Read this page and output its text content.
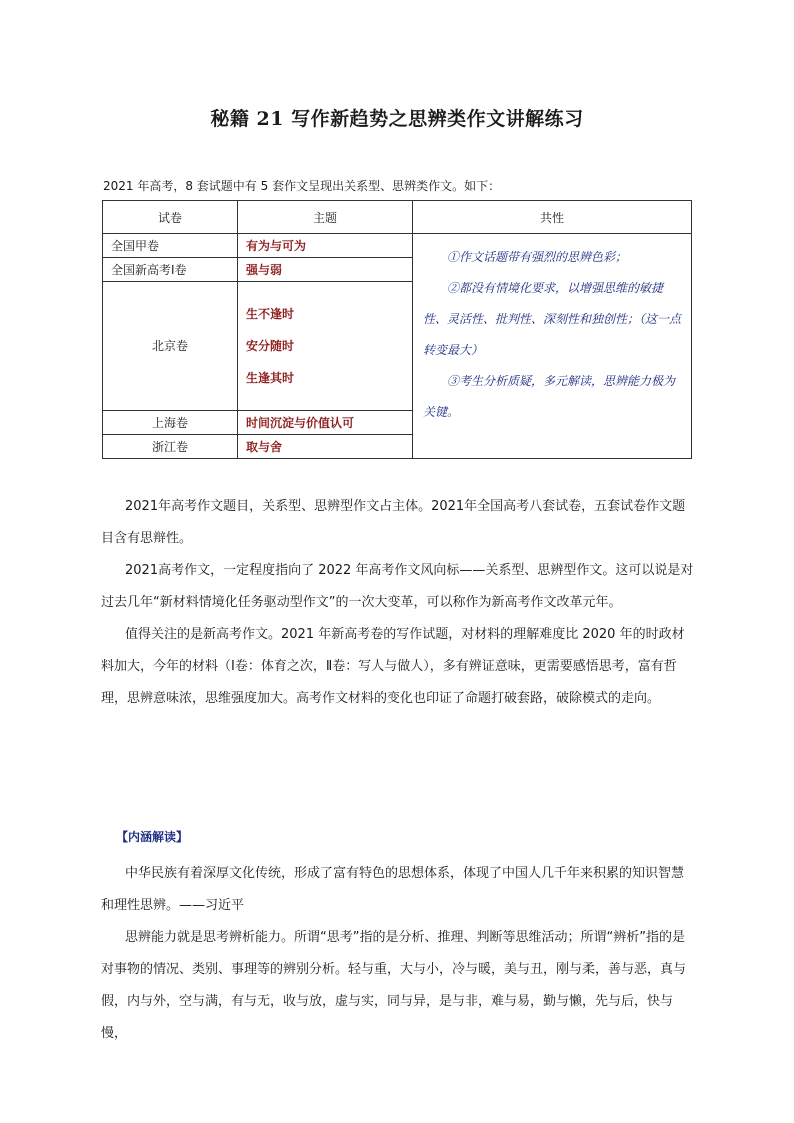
秘籍 21 写作新趋势之思辨类作文讲解练习
2021 年高考，8 套试题中有 5 套作文呈现出关系型、思辨类作文。如下：
试卷	主题	共性
全国甲卷	有为与可为	①作文话题带有强烈的思辨色彩；

②都没有情境化要求，以增强思维的敏捷性、灵活性、批判性、深刻性和独创性；（这一点转变最大）

③考生分析质疑，多元解读，思辨能力极为关键。

全国新高考Ⅰ卷	强与弱	
北京卷	生不逢时
安分随时
生逢其时	

上海卷	时间沉淀与价值认可	
浙江卷	取与舍	

2021年高考作文题目，关系型、思辨型作文占主体。2021年全国高考八套试卷，五套试卷作文题目含有思辩性。

2021高考作文，一定程度指向了 2022 年高考作文风向标——关系型、思辨型作文。这可以说是对过去几年“新材料情境化任务驱动型作文”的一次大变革，可以称作为新高考作文改革元年。

值得关注的是新高考作文。2021 年新高考卷的写作试题，对材料的理解难度比 2020 年的时政材料加大，今年的材料（Ⅰ卷：体育之次，Ⅱ卷：写人与做人），多有辨证意味，更需要感悟思考，富有哲理，思辨意味浓，思维强度加大。高考作文材料的变化也印证了命题打破套路，破除模式的走向。

【内涵解读】

中华民族有着深厚文化传统，形成了富有特色的思想体系，体现了中国人几千年来积累的知识智慧和理性思辨。——习近平

思辨能力就是思考辨析能力。所谓“思考”指的是分析、推理、判断等思维活动；所谓“辨析”指的是对事物的情况、类别、事理等的辨别分析。轻与重，大与小，冷与暖，美与丑，刚与柔，善与恶，真与假，内与外，空与满，有与无，收与放，虚与实，同与异，是与非，难与易，勤与懒，先与后，快与慢，
